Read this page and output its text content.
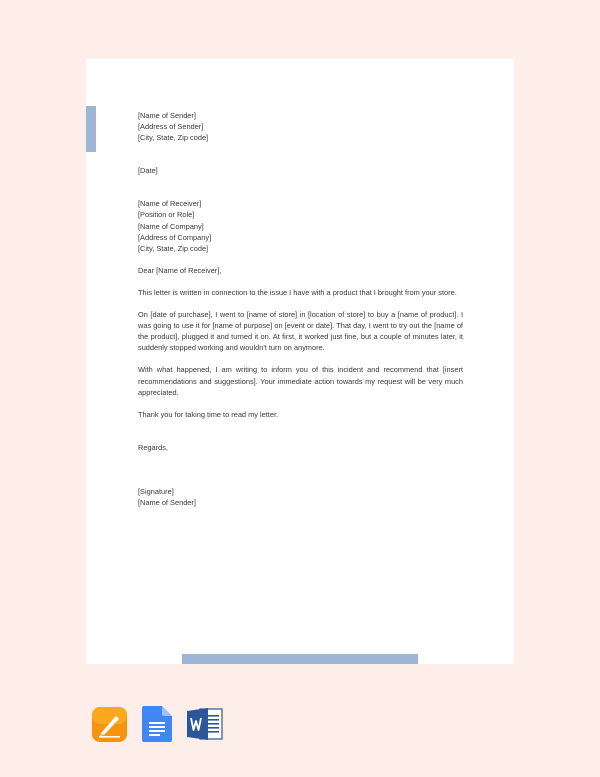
[Name of Sender]
[Address of Sender]
[City, State, Zip code]
[Date]
[Name of Receiver]
[Position or Role]
[Name of Company]
[Address of Company]
[City, State, Zip code]
Dear [Name of Receiver],

This letter is written in connection to the issue I have with a product that I brought from your store.

On [date of purchase], I went to [name of store] in [location of store] to buy a [name of product]. I was going to use it for [name of purpose] on [event or date]. That day, I went to try out the [name of the product], plugged it and turned it on. At first, it worked just fine, but a couple of minutes later, it suddenly stopped working and wouldn't turn on anymore.

With what happened, I am writing to inform you of this incident and recommend that [insert recommendations and suggestions]. Your immediate action towards my request will be very much appreciated.

Thank you for taking time to read my letter.

Regards,
[Signature]
[Name of Sender]
